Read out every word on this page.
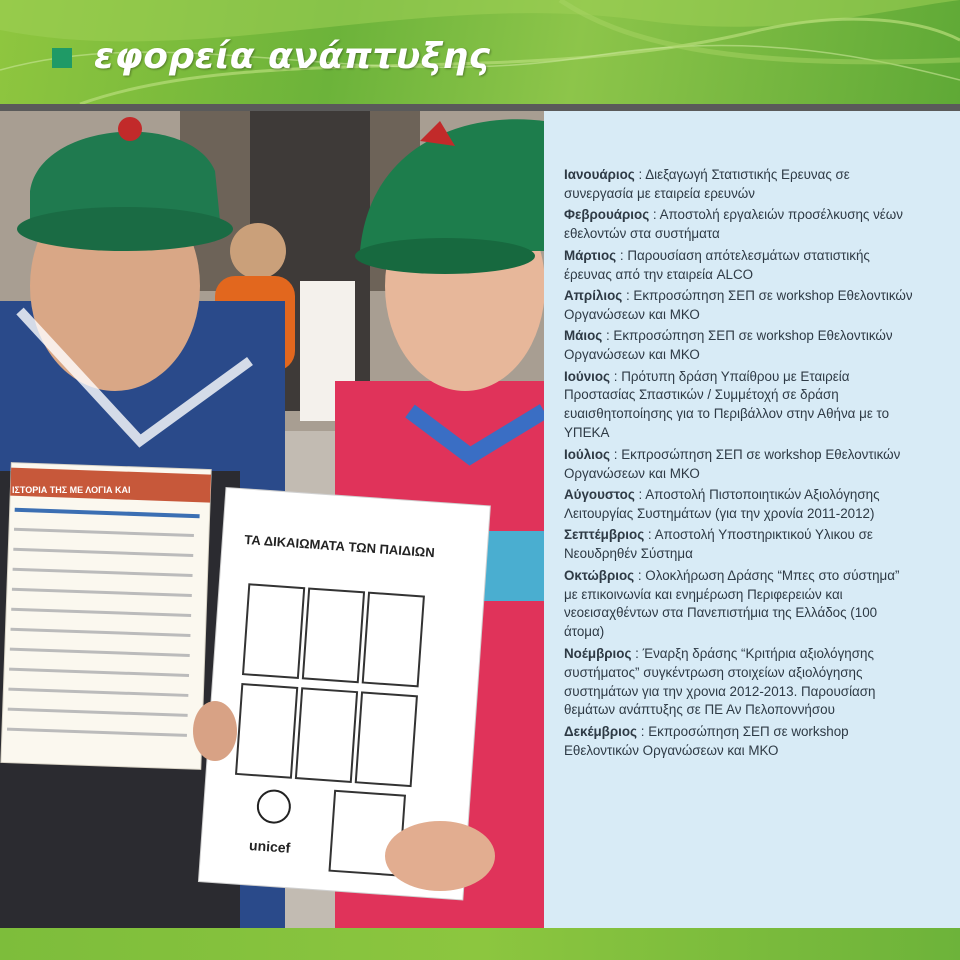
εφορεία ανάπτυξης
ΙΣΤΟΡΙΑ ΤΗΣ ΜΕ ΛΟΓΙΑ ΚΑΙ
ΤΑ ΔΙΚΑΙΩΜΑΤΑ ΤΩΝ ΠΑΙΔΙΩΝ
unicef
Ιανουάριος : Διεξαγωγή Στατιστικής Ερευνας σε συνεργασία με εταιρεία ερευνών
Φεβρουάριος : Αποστολή εργαλειών προσέλκυσης νέων εθελοντών στα συστήματα
Μάρτιος : Παρουσίαση απότελεσμάτων στατιστικής έρευνας από την εταιρεία ALCO
Απρίλιος : Εκπροσώπηση ΣΕΠ σε workshop Εθελοντικών Οργανώσεων και ΜΚΟ
Μάιος : Εκπροσώπηση ΣΕΠ σε workshop Εθελοντικών Οργανώσεων και ΜΚΟ
Ιούνιος : Πρότυπη δράση Υπαίθρου με Εταιρεία Προστασίας Σπαστικών / Συμμέτοχή σε δράση ευαισθητοποίησης για το Περιβάλλον στην Αθήνα με το ΥΠΕΚΑ
Ιούλιος : Εκπροσώπηση ΣΕΠ σε workshop Εθελοντικών Οργανώσεων και ΜΚΟ
Αύγουστος : Αποστολή Πιστοποιητικών Αξιολόγησης Λειτουργίας Συστημάτων (για την χρονία 2011-2012)
Σεπτέμβριος : Αποστολή Υποστηρικτικού Υλικου σε Νεουδρηθέν Σύστημα
Οκτώβριος : Ολοκλήρωση Δράσης “Μπες στο σύστημα” με επικοινωνία και ενημέρωση Περιφερειών και νεοεισαχθέντων στα Πανεπιστήμια της Ελλάδος (100 άτομα)
Νοέμβριος : Έναρξη δράσης “Κριτήρια αξιολόγησης συστήματος” συγκέντρωση στοιχείων αξιολόγησης συστημάτων για την χρονια 2012-2013. Παρουσίαση θεμάτων ανάπτυξης σε ΠΕ Αν Πελοποννήσου
Δεκέμβριος : Εκπροσώπηση ΣΕΠ σε workshop Εθελοντικών Οργανώσεων και ΜΚΟ
